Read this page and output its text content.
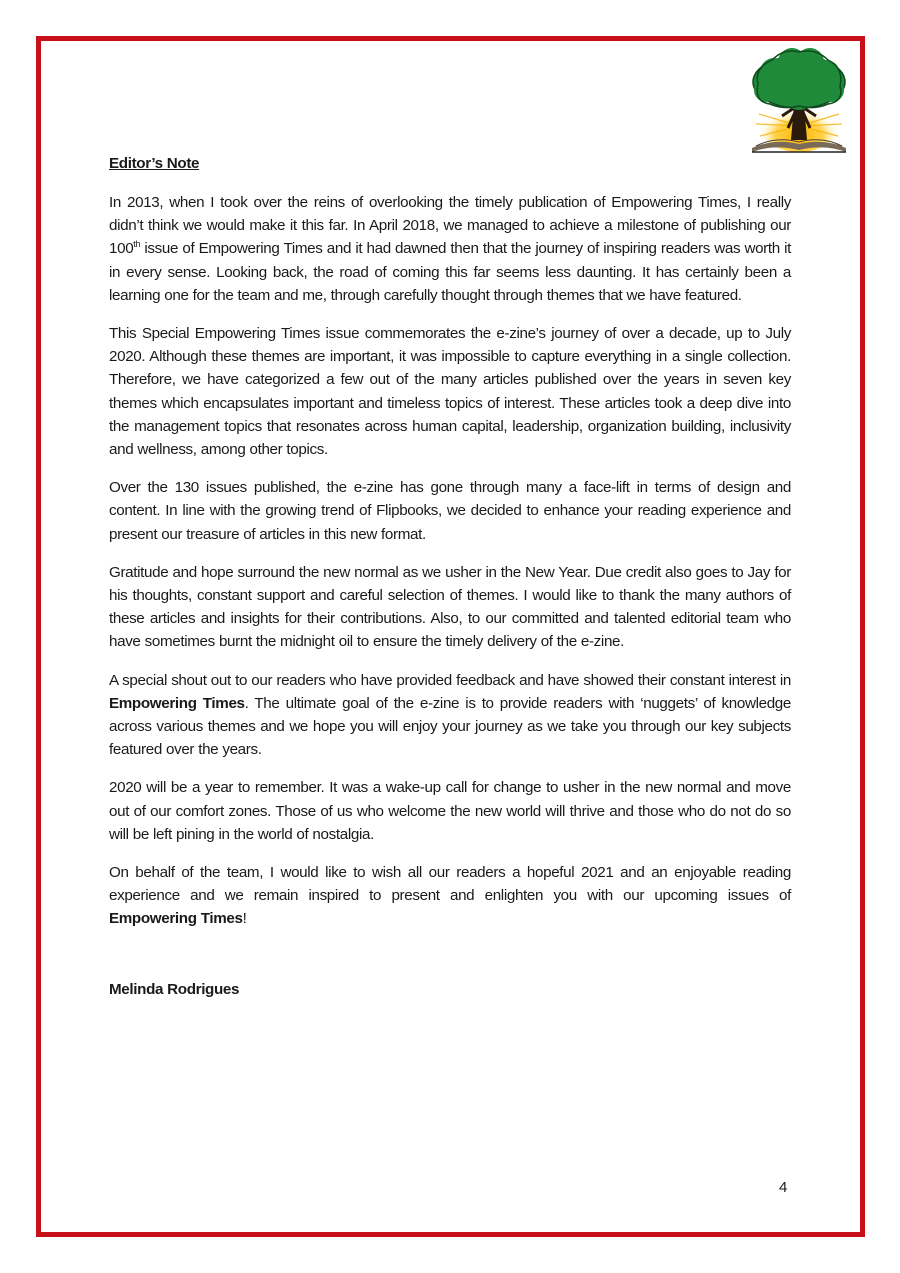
Editor’s Note

In 2013, when I took over the reins of overlooking the timely publication of Empowering Times, I really didn’t think we would make it this far. In April 2018, we managed to achieve a milestone of publishing our 100th issue of Empowering Times and it had dawned then that the journey of inspiring readers was worth it in every sense. Looking back, the road of coming this far seems less daunting. It has certainly been a learning one for the team and me, through carefully thought through themes that we have featured.

This Special Empowering Times issue commemorates the e-zine’s journey of over a decade, up to July 2020. Although these themes are important, it was impossible to capture everything in a single collection. Therefore, we have categorized a few out of the many articles published over the years in seven key themes which encapsulates important and timeless topics of interest. These articles took a deep dive into the management topics that resonates across human capital, leadership, organization building, inclusivity and wellness, among other topics.

Over the 130 issues published, the e-zine has gone through many a face-lift in terms of design and content. In line with the growing trend of Flipbooks, we decided to enhance your reading experience and present our treasure of articles in this new format.

Gratitude and hope surround the new normal as we usher in the New Year. Due credit also goes to Jay for his thoughts, constant support and careful selection of themes. I would like to thank the many authors of these articles and insights for their contributions. Also, to our committed and talented editorial team who have sometimes burnt the midnight oil to ensure the timely delivery of the e-zine.

A special shout out to our readers who have provided feedback and have showed their constant interest in Empowering Times. The ultimate goal of the e-zine is to provide readers with ‘nuggets’ of knowledge across various themes and we hope you will enjoy your journey as we take you through our key subjects featured over the years.

2020 will be a year to remember. It was a wake-up call for change to usher in the new normal and move out of our comfort zones. Those of us who welcome the new world will thrive and those who do not do so will be left pining in the world of nostalgia.

On behalf of the team, I would like to wish all our readers a hopeful 2021 and an enjoyable reading experience and we remain inspired to present and enlighten you with our upcoming issues of Empowering Times!

Melinda Rodrigues
4
